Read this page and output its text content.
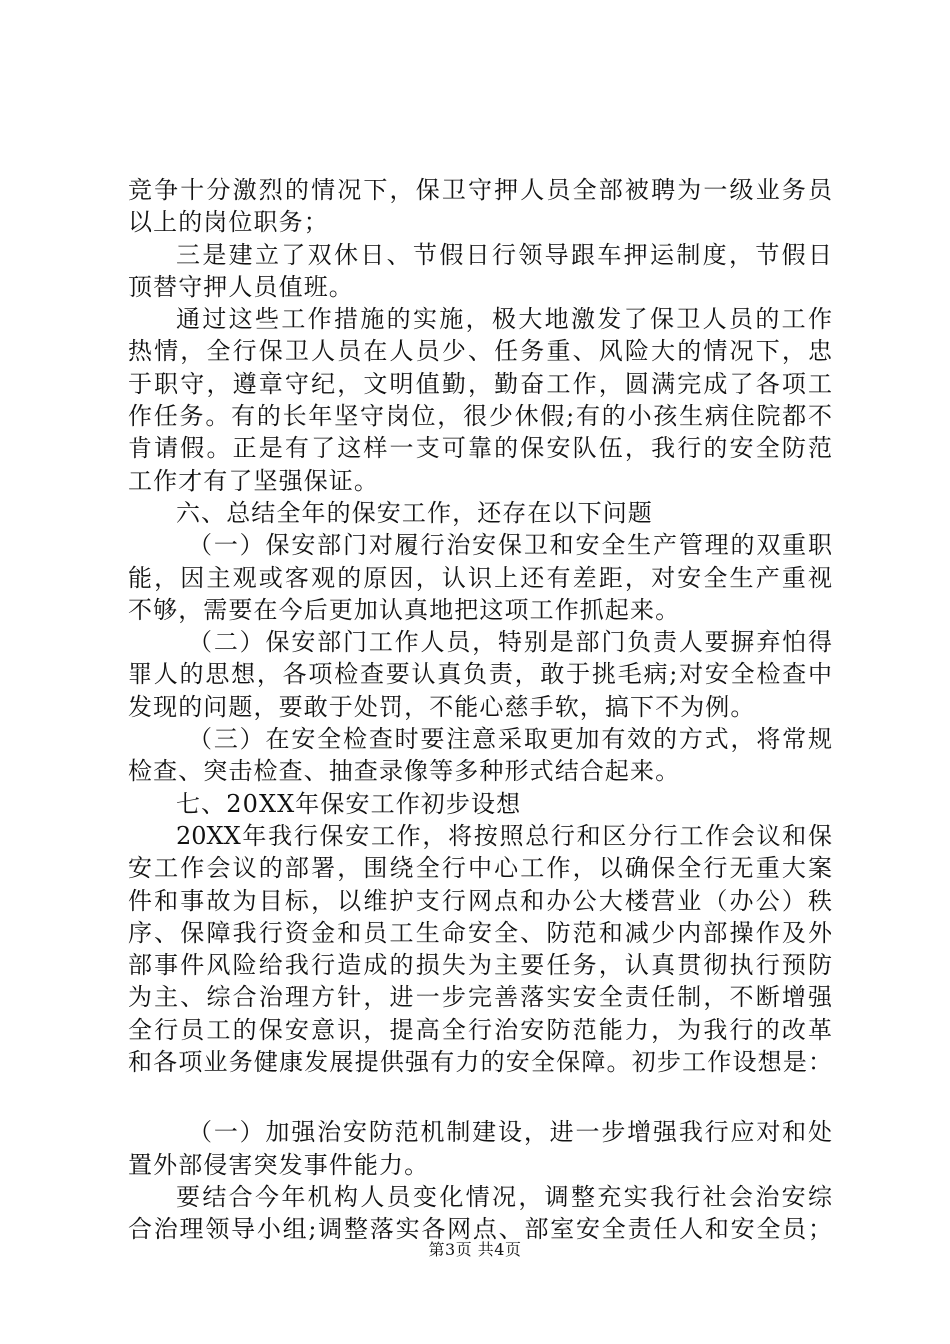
竞争十分激烈的情况下，保卫守押人员全部被聘为一级业务员
以上的岗位职务；
三是建立了双休日、节假日行领导跟车押运制度，节假日
顶替守押人员值班。
通过这些工作措施的实施，极大地激发了保卫人员的工作
热情，全行保卫人员在人员少、任务重、风险大的情况下，忠
于职守，遵章守纪，文明值勤，勤奋工作，圆满完成了各项工
作任务。有的长年坚守岗位，很少休假;有的小孩生病住院都不
肯请假。正是有了这样一支可靠的保安队伍，我行的安全防范
工作才有了坚强保证。
六、总结全年的保安工作，还存在以下问题
（一）保安部门对履行治安保卫和安全生产管理的双重职
能，因主观或客观的原因，认识上还有差距，对安全生产重视
不够，需要在今后更加认真地把这项工作抓起来。
（二）保安部门工作人员，特别是部门负责人要摒弃怕得
罪人的思想，各项检查要认真负责，敢于挑毛病;对安全检查中
发现的问题，要敢于处罚，不能心慈手软，搞下不为例。
（三）在安全检查时要注意采取更加有效的方式，将常规
检查、突击检查、抽查录像等多种形式结合起来。
七、20XX年保安工作初步设想
20XX年我行保安工作，将按照总行和区分行工作会议和保
安工作会议的部署，围绕全行中心工作，以确保全行无重大案
件和事故为目标，以维护支行网点和办公大楼营业（办公）秩
序、保障我行资金和员工生命安全、防范和减少内部操作及外
部事件风险给我行造成的损失为主要任务，认真贯彻执行预防
为主、综合治理方针，进一步完善落实安全责任制，不断增强
全行员工的保安意识，提高全行治安防范能力，为我行的改革
和各项业务健康发展提供强有力的安全保障。初步工作设想是：
（一）加强治安防范机制建设，进一步增强我行应对和处
置外部侵害突发事件能力。
要结合今年机构人员变化情况，调整充实我行社会治安综
合治理领导小组;调整落实各网点、部室安全责任人和安全员；
第3页 共4页
